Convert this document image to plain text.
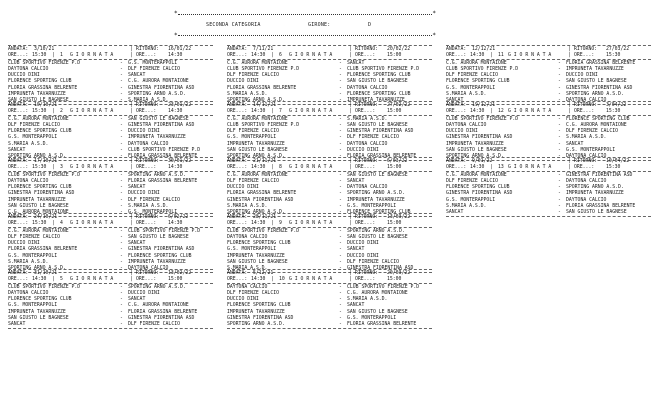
*	*
*	*
SECONDA CATEGORIA	GIRONE:	D
ANDATA: 3/10/21	| RITORNO: 16/01/22
ORE...: 15:30 | 1 G I O R N A T A	| ORE...: 14:30
CLUB SPORTIVO FIRENZE P.D	- G.S. MONTERAPPOLI
DAYTONA CALCIO	- DLF FIRENZE CALCIO
DUCCIO DINI	- SANCAT
FLORENCE SPORTING CLUB	- C.G. AURORA MONTAIONE
FLORIA GRASSINA BELRENTE	- GINESTRA FIORENTINA ASD
IMPRUNETA TAVARNUZZE	- SPORTING ARNO A.S.D.
SAN GIUSTO LE BAGNESE	- S.MARIA A.S.D.
ANDATA: 10/10/21	| RITORNO: 23/01/22
ORE...: 15:30 | 2 G I O R N A T A	| ORE...: 14:30
C.G. AURORA MONTAIONE	- SAN GIUSTO LE BAGNESE
DLF FIRENZE CALCIO	- GINESTRA FIORENTINA ASD
FLORENCE SPORTING CLUB	- DUCCIO DINI
G.S. MONTERAPPOLI	- IMPRUNETA TAVARNUZZE
S.MARIA A.S.D.	- DAYTONA CALCIO
SANCAT	- CLUB SPORTIVO FIRENZE P.D
SPORTING ARNO A.S.D.	- FLORIA GRASSINA BELRENTE
ANDATA: 17/10/21	| RITORNO: 30/01/22
ORE...: 15:30 | 3 G I O R N A T A	| ORE...: 14:30
CLUB SPORTIVO FIRENZE P.D	- SPORTING ARNO A.S.D.
DAYTONA CALCIO	- FLORIA GRASSINA BELRENTE
FLORENCE SPORTING CLUB	- SANCAT
GINESTRA FIORENTINA ASD	- DUCCIO DINI
IMPRUNETA TAVARNUZZE	- DLF FIRENZE CALCIO
SAN GIUSTO LE BAGNESE	- S.MARIA A.S.D.
C.G. AURORA MONTAIONE	- G.S. MONTERAPPOLI
ANDATA: 24/10/21	| RITORNO: 6/02/22
ORE...: 15:30 | 4 G I O R N A T A	| ORE...: 14:30
C.G. AURORA MONTAIONE	- CLUB SPORTIVO FIRENZE P.D
DLF FIRENZE CALCIO	- SAN GIUSTO LE BAGNESE
DUCCIO DINI	- SANCAT
FLORIA GRASSINA BELRENTE	- GINESTRA FIORENTINA ASD
G.S. MONTERAPPOLI	- FLORENCE SPORTING CLUB
S.MARIA A.S.D.	- IMPRUNETA TAVARNUZZE
SPORTING ARNO A.S.D.	- DAYTONA CALCIO
ANDATA: 31/10/21	| RITORNO: 13/02/22
ORE...: 14:30 | 5 G I O R N A T A	| ORE...: 15:00
CLUB SPORTIVO FIRENZE P.D	- SPORTING ARNO A.S.D.
DAYTONA CALCIO	- DUCCIO DINI
FLORENCE SPORTING CLUB	- SANCAT
G.S. MONTERAPPOLI	- C.G. AURORA MONTAIONE
IMPRUNETA TAVARNUZZE	- FLORIA GRASSINA BELRENTE
SAN GIUSTO LE BAGNESE	- GINESTRA FIORENTINA ASD
SANCAT	- DLF FIRENZE CALCIO
ANDATA: 7/11/21	| RITORNO: 20/02/22
ORE...: 14:30 | 6 G I O R N A T A	| ORE...: 15:00
C.G. AURORA MONTAIONE	- SANCAT
CLUB SPORTIVO FIRENZE P.D	- CLUB SPORTIVO FIRENZE P.D
DLF FIRENZE CALCIO	- FLORENCE SPORTING CLUB
DUCCIO DINI	- SAN GIUSTO LE BAGNESE
FLORIA GRASSINA BELRENTE	- DAYTONA CALCIO
S.MARIA A.S.D.	- FLORENCE SPORTING CLUB
SPORTING ARNO A.S.D.	- IMPRUNETA TAVARNUZZE
ANDATA: 14/11/21	| RITORNO: 27/02/22
ORE...: 14:30 | 7 G I O R N A T A	| ORE...: 15:00
C.G. AURORA MONTAIONE	- S.MARIA A.S.D.
CLUB SPORTIVO FIRENZE P.D	- SAN GIUSTO LE BAGNESE
DLF FIRENZE CALCIO	- GINESTRA FIORENTINA ASD
G.S. MONTERAPPOLI	- DLF FIRENZE CALCIO
IMPRUNETA TAVARNUZZE	- DAYTONA CALCIO
SAN GIUSTO LE BAGNESE	- DUCCIO DINI
SPORTING ARNO A.S.D.	- FLORIA GRASSINA BELRENTE
ANDATA: 21/11/21	| RITORNO: 6/03/22
ORE...: 14:30 | 8 G I O R N A T A	| ORE...: 15:00
C.G. AURORA MONTAIONE	- SAN GIUSTO LE BAGNESE
DLF FIRENZE CALCIO	- SANCAT
DUCCIO DINI	- DAYTONA CALCIO
FLORIA GRASSINA BELRENTE	- SPORTING ARNO A.S.D.
GINESTRA FIORENTINA ASD	- IMPRUNETA TAVARNUZZE
S.MARIA A.S.D.	- G.S. MONTERAPPOLI
SPORTING ARNO A.S.D.	- FLORENCE SPORTING CLUB
ANDATA: 28/11/21	| RITORNO: 13/03/22
ORE...: 14:30 | 9 G I O R N A T A	| ORE...: 15:00
CLUB SPORTIVO FIRENZE P.D	- SPORTING ARNO A.S.D.
DAYTONA CALCIO	- SAN GIUSTO LE BAGNESE
FLORENCE SPORTING CLUB	- DUCCIO DINI
G.S. MONTERAPPOLI	- SANCAT
IMPRUNETA TAVARNUZZE	- DUCCIO DINI
SAN GIUSTO LE BAGNESE	- DLF FIRENZE CALCIO
S.MARIA A.S.D.	- GINESTRA FIORENTINA ASD
ANDATA: 5/12/21	| RITORNO: 20/03/22
ORE...: 14:30 | 10 G I O R N A T A	| ORE...: 15:00
DAYTONA CALCIO	- CLUB SPORTIVO FIRENZE P.D
DLF FIRENZE CALCIO	- C.G. AURORA MONTAIONE
DUCCIO DINI	- S.MARIA A.S.D.
FLORENCE SPORTING CLUB	- SANCAT
IMPRUNETA TAVARNUZZE	- SAN GIUSTO LE BAGNESE
GINESTRA FIORENTINA ASD	- G.S. MONTERAPPOLI
SPORTING ARNO A.S.D.	- FLORIA GRASSINA BELRENTE
ANDATA: 12/12/21	| RITORNO: 27/03/22
ORE...: 14:30 | 11 G I O R N A T A	| ORE...: 15:30
C.G. AURORA MONTAIONE	- FLORIA GRASSINA BELRENTE
CLUB SPORTIVO FIRENZE P.D	- IMPRUNETA TAVARNUZZE
DLF FIRENZE CALCIO	- DUCCIO DINI
FLORENCE SPORTING CLUB	- SAN GIUSTO LE BAGNESE
G.S. MONTERAPPOLI	- GINESTRA FIORENTINA ASD
S.MARIA A.S.D.	- SPORTING ARNO A.S.D.
SANCAT	- DAYTONA CALCIO
ANDATA: 19/12/21	| RITORNO: 3/04/22
ORE...: 14:30 | 12 G I O R N A T A	| ORE...: 15:30
CLUB SPORTIVO FIRENZE P.D	- FLORENCE SPORTING CLUB
DAYTONA CALCIO	- C.G. AURORA MONTAIONE
DUCCIO DINI	- DLF FIRENZE CALCIO
GINESTRA FIORENTINA ASD	- S.MARIA A.S.D.
IMPRUNETA TAVARNUZZE	- SANCAT
SAN GIUSTO LE BAGNESE	- G.S. MONTERAPPOLI
SPORTING ARNO A.S.D.	- DAYTONA CALCIO
ANDATA: 9/01/22	| RITORNO: 10/04/22
ORE...: 14:30 | 13 G I O R N A T A	| ORE...: 15:30
C.G. AURORA MONTAIONE	- GINESTRA FIORENTINA ASD
DLF FIRENZE CALCIO	- DAYTONA CALCIO
FLORENCE SPORTING CLUB	- SPORTING ARNO A.S.D.
GINESTRA FIORENTINA ASD	- IMPRUNETA TAVARNUZZE
G.S. MONTERAPPOLI	- DAYTONA CALCIO
S.MARIA A.S.D.	- FLORIA GRASSINA BELRENTE
SANCAT	- SAN GIUSTO LE BAGNESE
